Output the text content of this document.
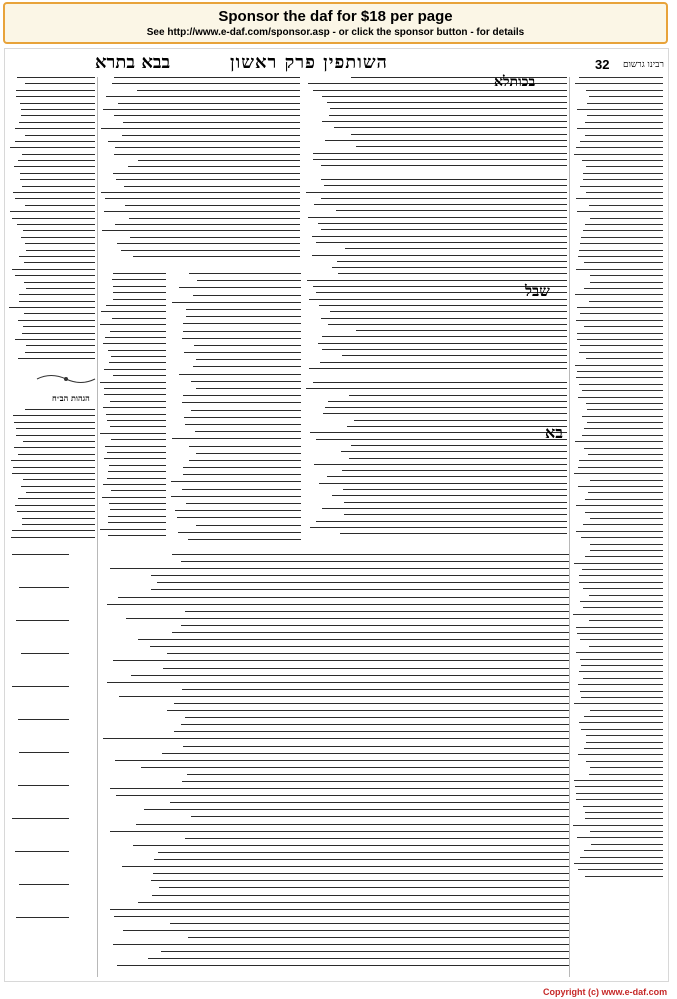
Sponsor the daf for $18 per page
See http://www.e-daf.com/sponsor.asp - or click the sponsor button - for details
בבא בתרא	השותפין פרק ראשון	32 רבינו גרשום
בכותלא
שבל
בא
הגהות הב״ח
Copyright (c) www.e-daf.com
